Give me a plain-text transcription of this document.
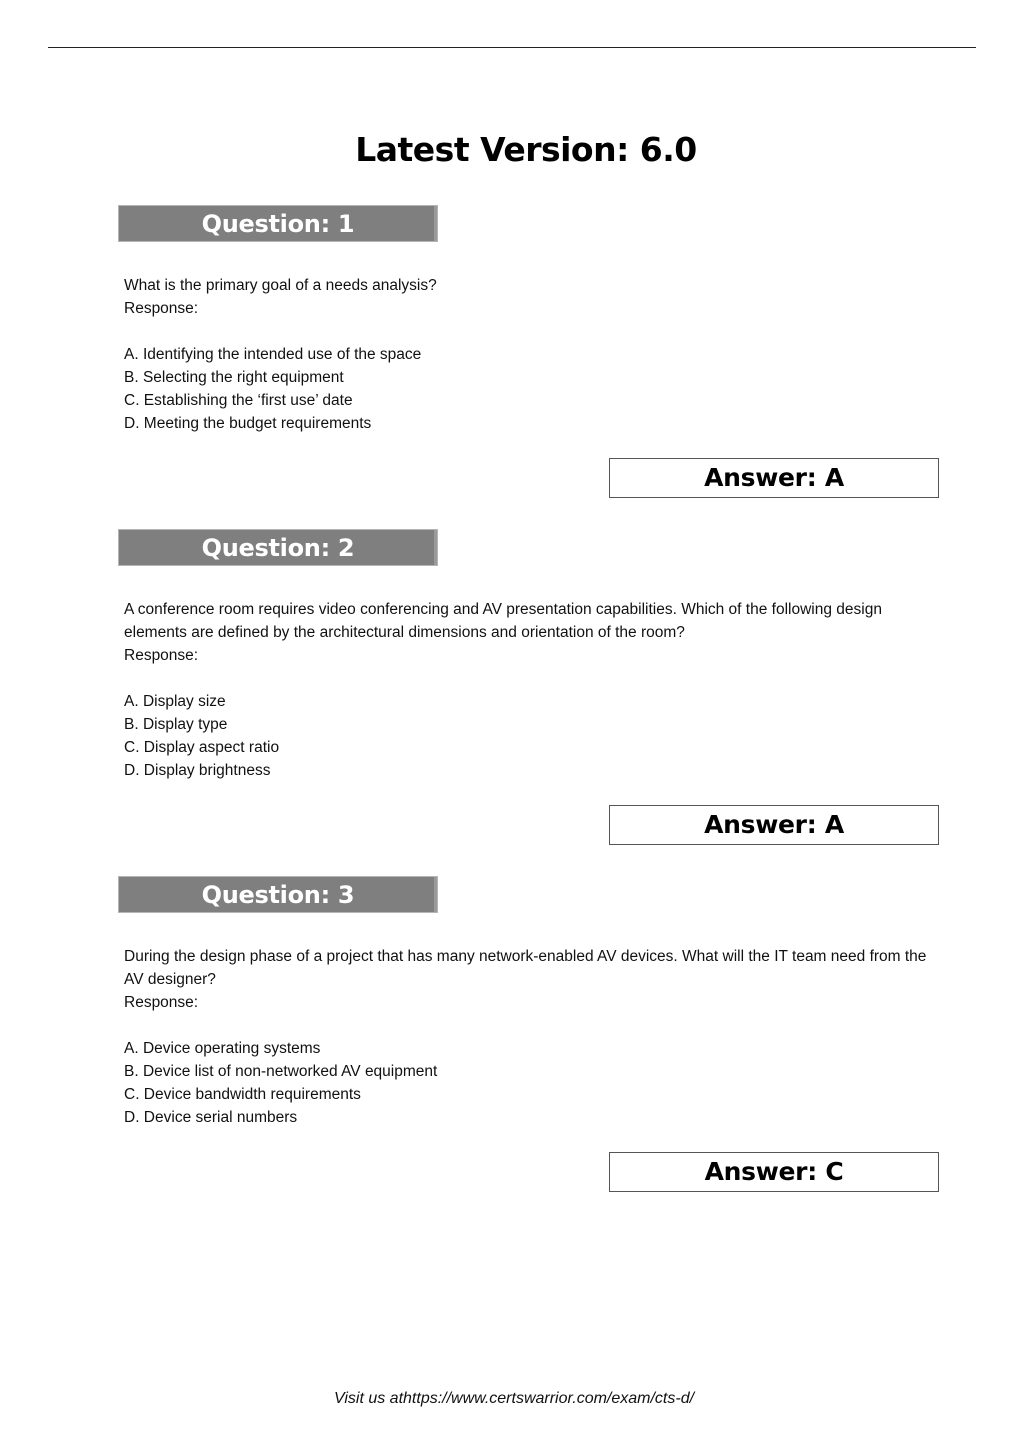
Latest Version: 6.0
Question: 1

What is the primary goal of a needs analysis?

Response:

A. Identifying the intended use of the space

B. Selecting the right equipment

C. Establishing the ‘first use’ date

D. Meeting the budget requirements

Answer: A
Question: 2

A conference room requires video conferencing and AV presentation capabilities. Which of the following design elements are defined by the architectural dimensions and orientation of the room?

Response:

A. Display size

B. Display type

C. Display aspect ratio

D. Display brightness

Answer: A
Question: 3

During the design phase of a project that has many network-enabled AV devices. What will the IT team need from the AV designer?

Response:

A. Device operating systems

B. Device list of non-networked AV equipment

C. Device bandwidth requirements

D. Device serial numbers

Answer: C
Visit us athttps://www.certswarrior.com/exam/cts-d/
